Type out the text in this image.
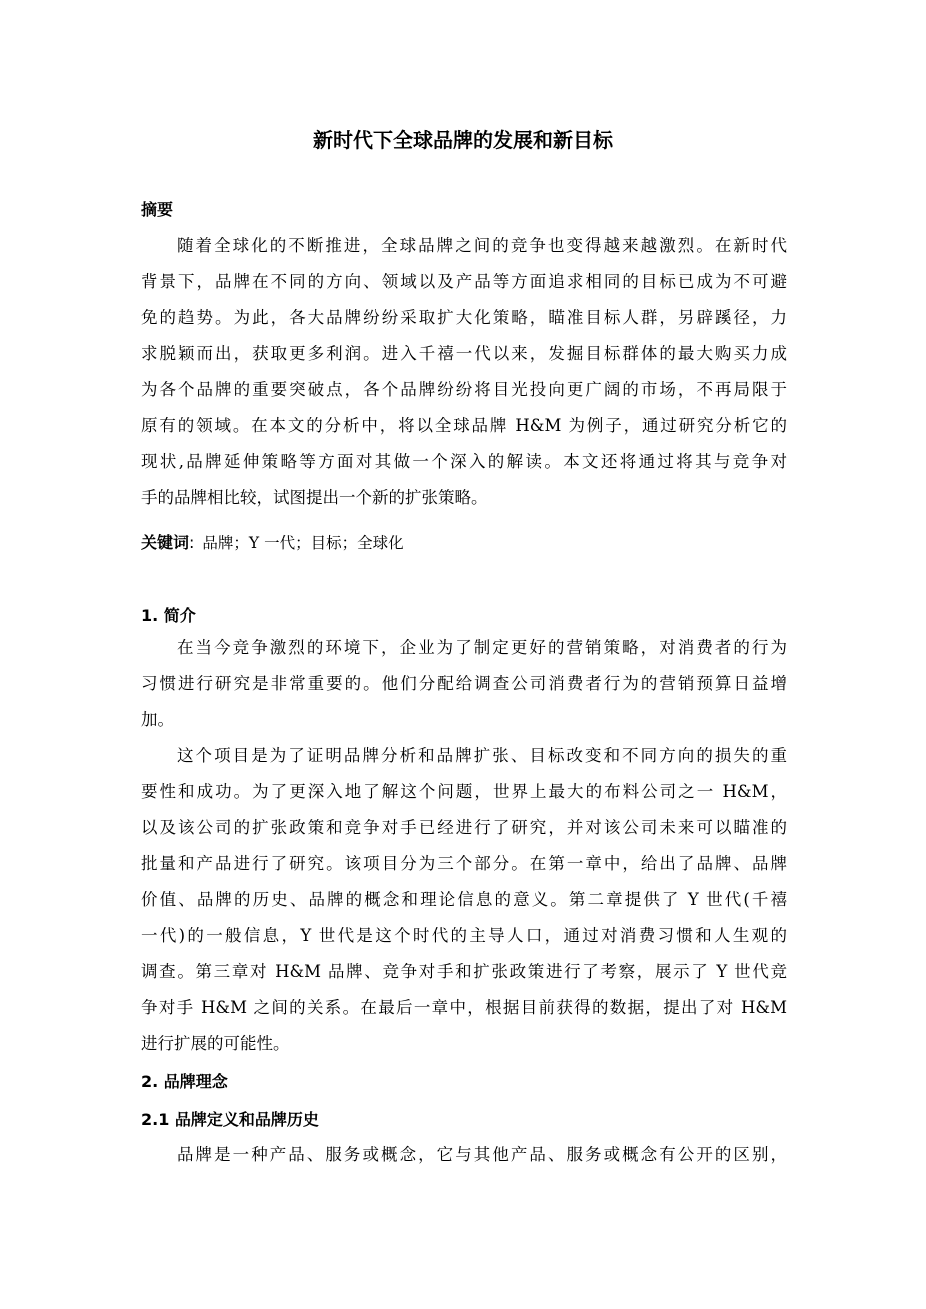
新时代下全球品牌的发展和新目标
摘要
随着全球化的不断推进，全球品牌之间的竞争也变得越来越激烈。在新时代
背景下，品牌在不同的方向、领域以及产品等方面追求相同的目标已成为不可避
免的趋势。为此，各大品牌纷纷采取扩大化策略，瞄准目标人群，另辟蹊径，力
求脱颖而出，获取更多利润。进入千禧一代以来，发掘目标群体的最大购买力成
为各个品牌的重要突破点，各个品牌纷纷将目光投向更广阔的市场，不再局限于
原有的领域。在本文的分析中，将以全球品牌 H&M 为例子，通过研究分析它的
现状,品牌延伸策略等方面对其做一个深入的解读。本文还将通过将其与竞争对
手的品牌相比较，试图提出一个新的扩张策略。
关键词: 品牌；Y 一代；目标；全球化
1. 简介
在当今竞争激烈的环境下，企业为了制定更好的营销策略，对消费者的行为
习惯进行研究是非常重要的。他们分配给调查公司消费者行为的营销预算日益增
加。
这个项目是为了证明品牌分析和品牌扩张、目标改变和不同方向的损失的重
要性和成功。为了更深入地了解这个问题，世界上最大的布料公司之一 H&M，
以及该公司的扩张政策和竞争对手已经进行了研究，并对该公司未来可以瞄准的
批量和产品进行了研究。该项目分为三个部分。在第一章中，给出了品牌、品牌
价值、品牌的历史、品牌的概念和理论信息的意义。第二章提供了 Y 世代(千禧
一代)的一般信息，Y 世代是这个时代的主导人口，通过对消费习惯和人生观的
调查。第三章对 H&M 品牌、竞争对手和扩张政策进行了考察，展示了 Y 世代竞
争对手 H&M 之间的关系。在最后一章中，根据目前获得的数据，提出了对 H&M
进行扩展的可能性。
2. 品牌理念
2.1 品牌定义和品牌历史
品牌是一种产品、服务或概念，它与其他产品、服务或概念有公开的区别，
